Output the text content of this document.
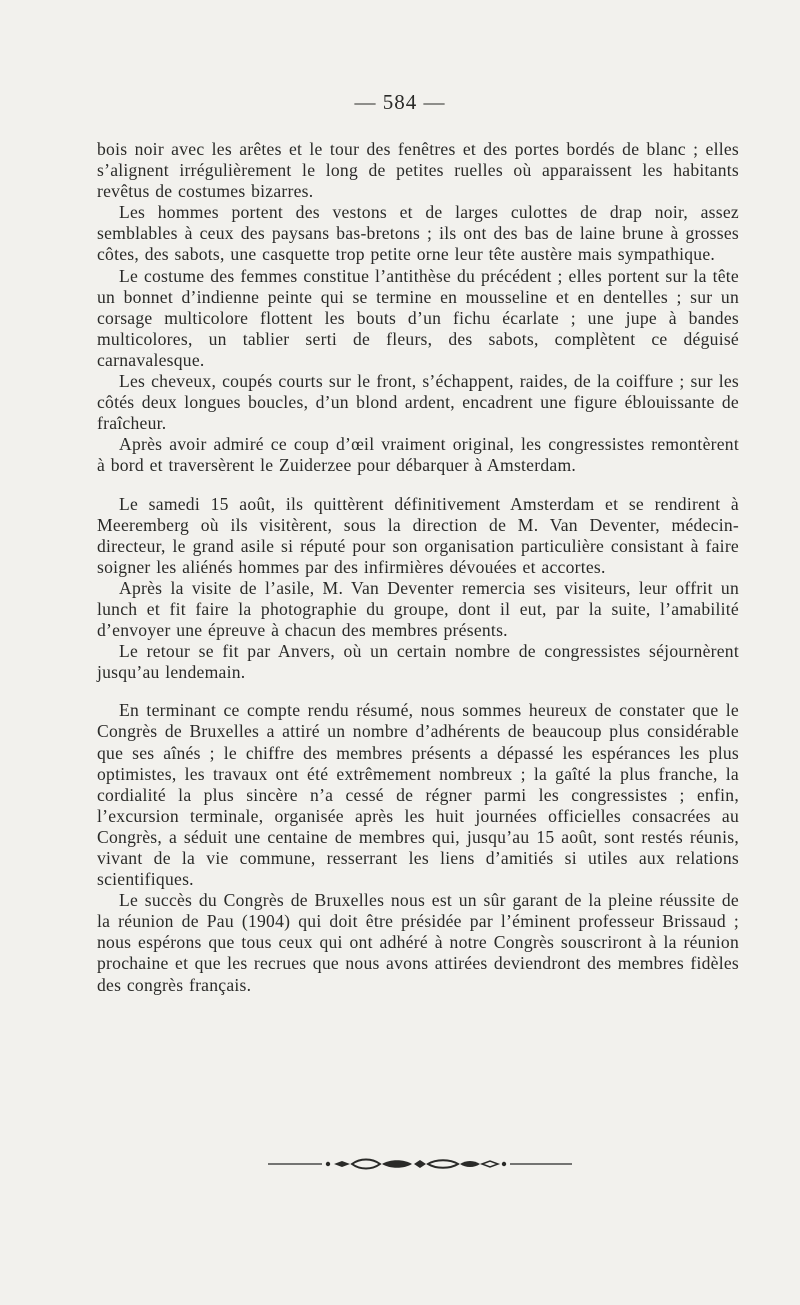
— 584 —

bois noir avec les arêtes et le tour des fenêtres et des portes bordés de blanc ; elles s’alignent irrégulièrement le long de petites ruelles où apparaissent les habitants revêtus de costumes bizarres.

Les hommes portent des vestons et de larges culottes de drap noir, assez semblables à ceux des paysans bas-bretons ; ils ont des bas de laine brune à grosses côtes, des sabots, une casquette trop petite orne leur tête austère mais sympathique.

Le costume des femmes constitue l’antithèse du précédent ; elles portent sur la tête un bonnet d’indienne peinte qui se termine en mousseline et en dentelles ; sur un corsage multicolore flottent les bouts d’un fichu écarlate ; une jupe à bandes multicolores, un tablier serti de fleurs, des sabots, complètent ce déguisé carnavalesque.

Les cheveux, coupés courts sur le front, s’échappent, raides, de la coiffure ; sur les côtés deux longues boucles, d’un blond ardent, encadrent une figure éblouissante de fraîcheur.

Après avoir admiré ce coup d’œil vraiment original, les congressistes remontèrent à bord et traversèrent le Zuiderzee pour débarquer à Amsterdam.

Le samedi 15 août, ils quittèrent définitivement Amsterdam et se rendirent à Meeremberg où ils visitèrent, sous la direction de M. Van Deventer, médecin-directeur, le grand asile si réputé pour son organisation particulière consistant à faire soigner les aliénés hommes par des infirmières dévouées et accortes.

Après la visite de l’asile, M. Van Deventer remercia ses visiteurs, leur offrit un lunch et fit faire la photographie du groupe, dont il eut, par la suite, l’amabilité d’envoyer une épreuve à chacun des membres présents.

Le retour se fit par Anvers, où un certain nombre de congressistes séjournèrent jusqu’au lendemain.

En terminant ce compte rendu résumé, nous sommes heureux de constater que le Congrès de Bruxelles a attiré un nombre d’adhérents de beaucoup plus considérable que ses aînés ; le chiffre des membres présents a dépassé les espérances les plus optimistes, les travaux ont été extrêmement nombreux ; la gaîté la plus franche, la cordialité la plus sincère n’a cessé de régner parmi les congressistes ; enfin, l’excursion terminale, organisée après les huit journées officielles consacrées au Congrès, a séduit une centaine de membres qui, jusqu’au 15 août, sont restés réunis, vivant de la vie commune, resserrant les liens d’amitiés si utiles aux relations scientifiques.

Le succès du Congrès de Bruxelles nous est un sûr garant de la pleine réussite de la réunion de Pau (1904) qui doit être présidée par l’éminent professeur Brissaud ; nous espérons que tous ceux qui ont adhéré à notre Congrès souscriront à la réunion prochaine et que les recrues que nous avons attirées deviendront des membres fidèles des congrès français.
